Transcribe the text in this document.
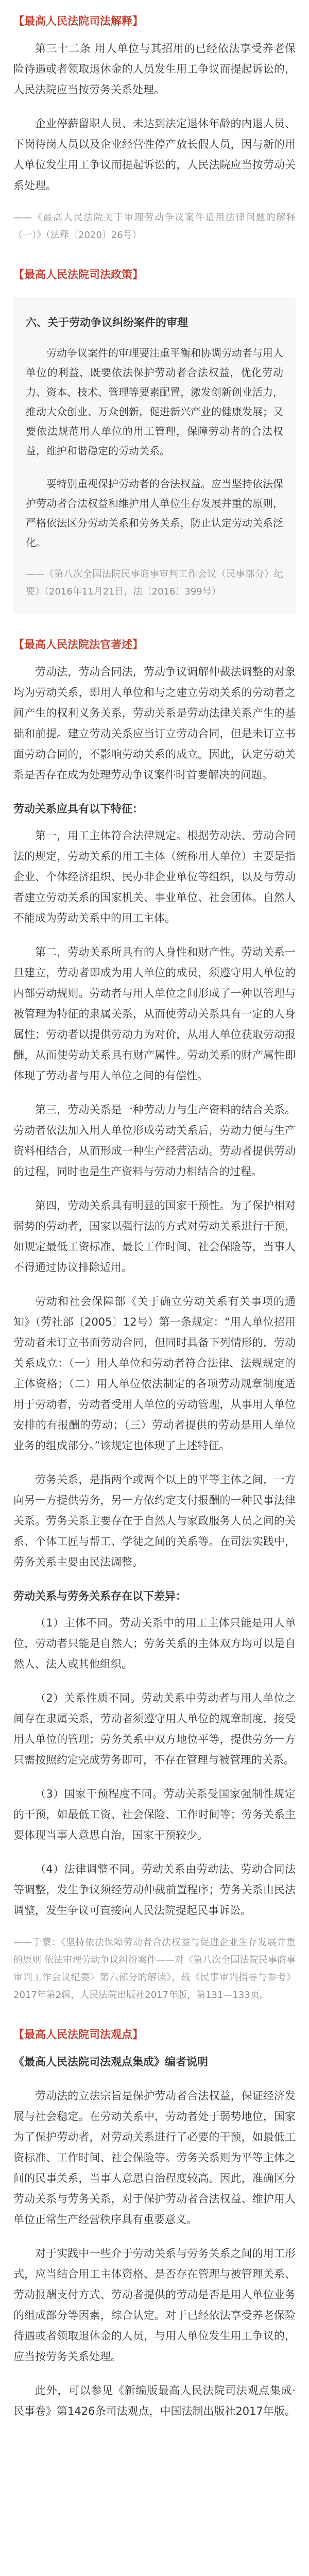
【最高人民法院司法解释】

第三十二条 用人单位与其招用的已经依法享受养老保险待遇或者领取退休金的人员发生用工争议而提起诉讼的，人民法院应当按劳务关系处理。

企业停薪留职人员、未达到法定退休年龄的内退人员、下岗待岗人员以及企业经营性停产放长假人员，因与新的用人单位发生用工争议而提起诉讼的，人民法院应当按劳动关系处理。

——《最高人民法院关于审理劳动争议案件适用法律问题的解释（一）》（法释〔2020〕26号）

【最高人民法院司法政策】
六、关于劳动争议纠纷案件的审理

劳动争议案件的审理要注重平衡和协调劳动者与用人单位的利益，既要依法保护劳动者合法权益，优化劳动力、资本、技术、管理等要素配置，激发创新创业活力，推动大众创业、万众创新，促进新兴产业的健康发展；又要依法规范用人单位的用工管理，保障劳动者的合法权益，维护和谐稳定的劳动关系。

要特别重视保护劳动者的合法权益。应当坚持依法保护劳动者合法权益和维护用人单位生存发展并重的原则，严格依法区分劳动关系和劳务关系，防止认定劳动关系泛化。

——《第八次全国法院民事商事审判工作会议（民事部分）纪要》（2016年11月21日，法〔2016〕399号）

【最高人民法院法官著述】

劳动法，劳动合同法，劳动争议调解仲裁法调整的对象均为劳动关系，即用人单位和与之建立劳动关系的劳动者之间产生的权利义务关系，劳动关系是劳动法律关系产生的基础和前提。建立劳动关系应当订立劳动合同，但是未订立书面劳动合同的，不影响劳动关系的成立。因此，认定劳动关系是否存在成为处理劳动争议案件时首要解决的问题。

劳动关系应具有以下特征：

第一，用工主体符合法律规定。根据劳动法、劳动合同法的规定，劳动关系的用工主体（统称用人单位）主要是指企业、个体经济组织、民办非企业单位等组织，以及与劳动者建立劳动关系的国家机关、事业单位、社会团体。自然人不能成为劳动关系中的用工主体。

第二，劳动关系所具有的人身性和财产性。劳动关系一旦建立，劳动者即成为用人单位的成员，须遵守用人单位的内部劳动规则。劳动者与用人单位之间形成了一种以管理与被管理为特征的隶属关系，从而使劳动关系具有一定的人身属性；劳动者以提供劳动力为对价，从用人单位获取劳动报酬，从而使劳动关系具有财产属性。劳动关系的财产属性即体现了劳动者与用人单位之间的有偿性。

第三，劳动关系是一种劳动力与生产资料的结合关系。劳动者依法加入用人单位形成劳动关系后，劳动力便与生产资料相结合，从而形成一种生产经营活动。劳动者提供劳动的过程，同时也是生产资料与劳动力相结合的过程。

第四，劳动关系具有明显的国家干预性。为了保护相对弱势的劳动者，国家以强行法的方式对劳动关系进行干预，如规定最低工资标准、最长工作时间、社会保险等，当事人不得通过协议排除适用。

劳动和社会保障部《关于确立劳动关系有关事项的通知》（劳社部〔2005〕12号）第一条规定：“用人单位招用劳动者未订立书面劳动合同，但同时具备下列情形的，劳动关系成立：（一）用人单位和劳动者符合法律、法规规定的主体资格；（二）用人单位依法制定的各项劳动规章制度适用于劳动者，劳动者受用人单位的劳动管理，从事用人单位安排的有报酬的劳动；（三）劳动者提供的劳动是用人单位业务的组成部分。”该规定也体现了上述特征。

劳务关系，是指两个或两个以上的平等主体之间，一方向另一方提供劳务，另一方依约定支付报酬的一种民事法律关系。劳务关系主要存在于自然人与家政服务人员之间的关系、个体工匠与帮工、学徒之间的关系等。在司法实践中，劳务关系主要由民法调整。

劳动关系与劳务关系存在以下差异：

（1）主体不同。劳动关系中的用工主体只能是用人单位，劳动者只能是自然人；劳务关系的主体双方均可以是自然人、法人或其他组织。

（2）关系性质不同。劳动关系中劳动者与用人单位之间存在隶属关系，劳动者须遵守用人单位的规章制度，接受用人单位的管理；劳务关系中双方地位平等，提供劳务一方只需按照约定完成劳务即可，不存在管理与被管理的关系。

（3）国家干预程度不同。劳动关系受国家强制性规定的干预，如最低工资、社会保险、工作时间等；劳务关系主要体现当事人意思自治，国家干预较少。

（4）法律调整不同。劳动关系由劳动法、劳动合同法等调整，发生争议须经劳动仲裁前置程序；劳务关系由民法调整，发生争议可直接向人民法院提起民事诉讼。

——于蒙：《坚持依法保障劳动者合法权益与促进企业生存发展并重的原则 依法审理劳动争议纠纷案件——对〈第八次全国法院民事商事审判工作会议纪要〉第六部分的解读》，载《民事审判指导与参考》2017年第2辑，人民法院出版社2017年版，第131—133页。

【最高人民法院司法观点】

《最高人民法院司法观点集成》编者说明

劳动法的立法宗旨是保护劳动者合法权益，保证经济发展与社会稳定。在劳动关系中，劳动者处于弱势地位，国家为了保护劳动者，对劳动关系进行了必要的干预，如最低工资标准、工作时间、社会保险等。劳务关系则为平等主体之间的民事关系，当事人意思自治程度较高。因此，准确区分劳动关系与劳务关系，对于保护劳动者合法权益、维护用人单位正常生产经营秩序具有重要意义。

对于实践中一些介于劳动关系与劳务关系之间的用工形式，应当结合用工主体资格、是否存在管理与被管理关系、劳动报酬支付方式、劳动者提供的劳动是否是用人单位业务的组成部分等因素，综合认定。对于已经依法享受养老保险待遇或者领取退休金的人员，与用人单位发生用工争议的，应当按劳务关系处理。

此外，可以参见《新编版最高人民法院司法观点集成·民事卷》第1426条司法观点，中国法制出版社2017年版。
